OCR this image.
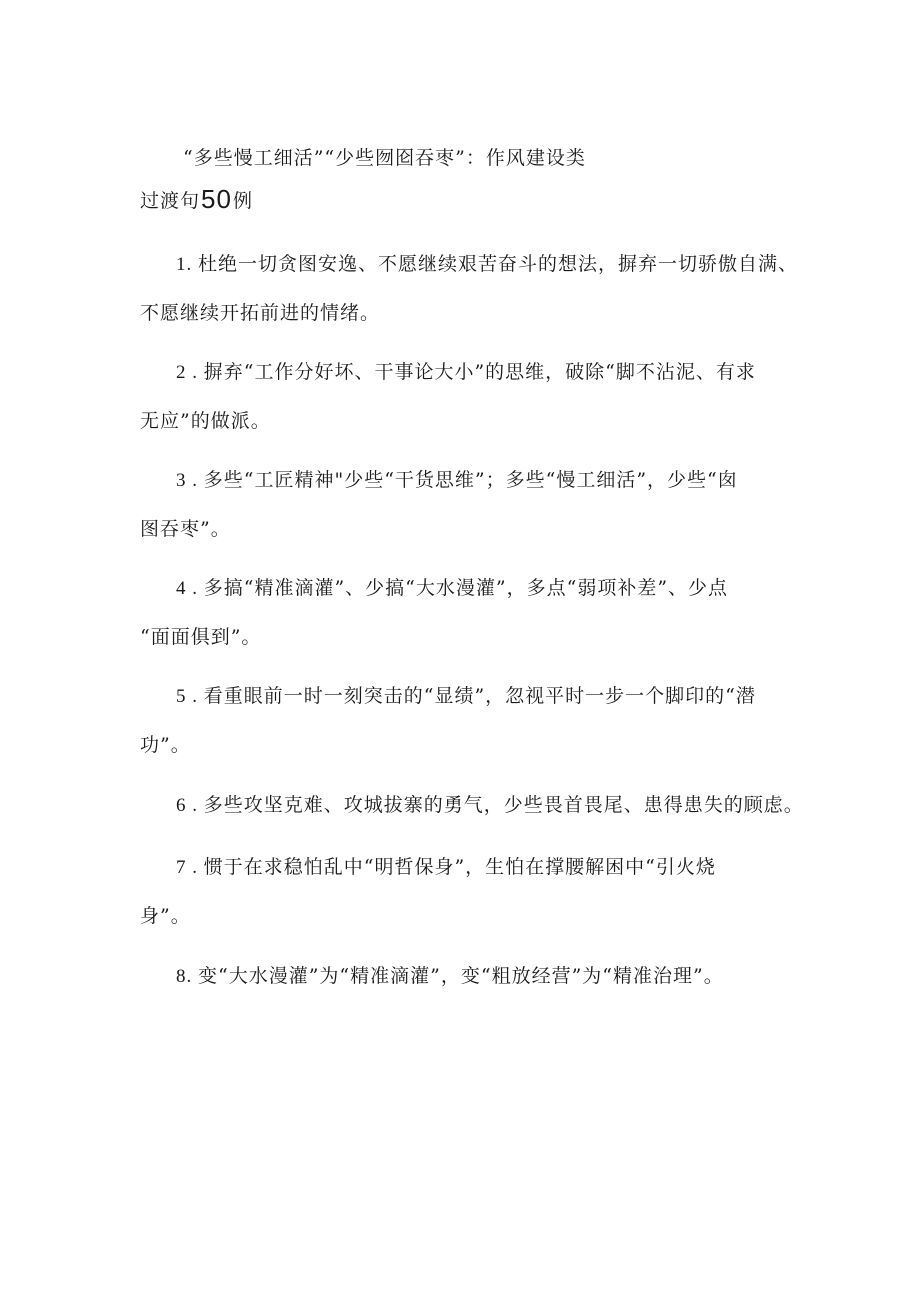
“多些慢工细活”“少些囫囵吞枣”：作风建设类
过渡句50例
1. 杜绝一切贪图安逸、不愿继续艰苦奋斗的想法，摒弃一切骄傲自满、
不愿继续开拓前进的情绪。
2 . 摒弃“工作分好坏、干事论大小”的思维，破除“脚不沾泥、有求
无应”的做派。
3 . 多些“工匠精神"少些“干货思维”；多些“慢工细活”，少些“囱
图吞枣”。
4 . 多搞“精准滴灌”、少搞“大水漫灌”，多点“弱项补差”、少点
“面面俱到”。
5 . 看重眼前一时一刻突击的“显绩”，忽视平时一步一个脚印的“潜
功”。
6 . 多些攻坚克难、攻城拔寨的勇气，少些畏首畏尾、患得患失的顾虑。
7 . 惯于在求稳怕乱中“明哲保身”，生怕在撑腰解困中“引火烧
身”。
8. 变“大水漫灌”为“精准滴灌”，变“粗放经营”为“精准治理”。
